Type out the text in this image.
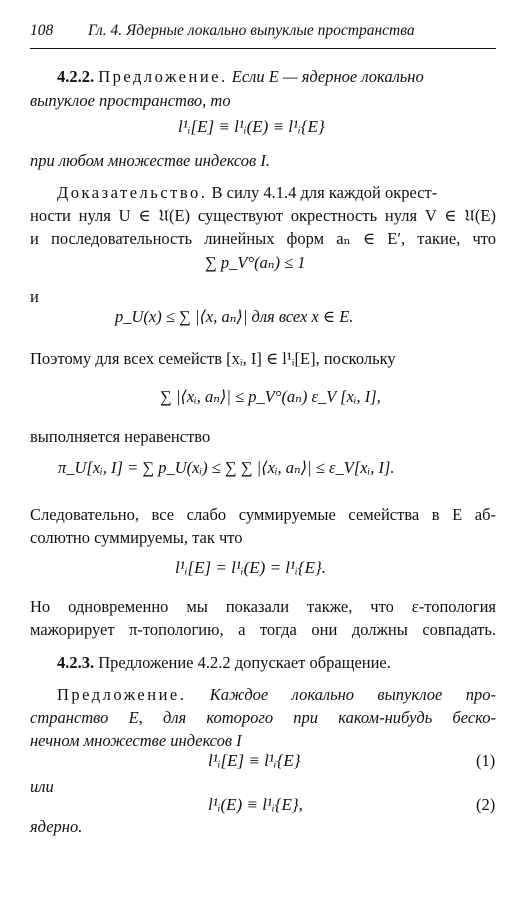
108 Гл. 4. Ядерные локально выпуклые пространства
4.2.2. Предложение. Если E — ядерное локально
выпуклое пространство, то
l¹ᵢ[E] ≡ l¹ᵢ(E) ≡ l¹ᵢ{E}
при любом множестве индексов I.
Доказательство. В силу 4.1.4 для каждой окрест-
ности нуля U ∈ 𝔘(E) существуют окрестность нуля V ∈ 𝔘(E)
и последовательность линейных форм aₙ ∈ E′, такие, что
∑ p_V°(aₙ) ≤ 1
и
p_U(x) ≤ ∑ |⟨x, aₙ⟩| для всех x ∈ E.
Поэтому для всех семейств [xᵢ, I] ∈ l¹ᵢ[E], поскольку
∑ |⟨xᵢ, aₙ⟩| ≤ p_V°(aₙ) ε_V [xᵢ, I],
выполняется неравенство
π_U[xᵢ, I] = ∑ p_U(xᵢ) ≤ ∑ ∑ |⟨xᵢ, aₙ⟩| ≤ ε_V[xᵢ, I].
Следовательно, все слабо суммируемые семейства в E аб-
солютно суммируемы, так что
l¹ᵢ[E] = l¹ᵢ(E) = l¹ᵢ{E}.
Но одновременно мы показали также, что ε-топология
мажорирует π-топологию, а тогда они должны совпадать.
4.2.3. Предложение 4.2.2 допускает обращение.
Предложение. Каждое локально выпуклое про-
странство E, для которого при каком-нибудь беско-
нечном множестве индексов I
l¹ᵢ[E] ≡ l¹ᵢ{E}	(1)
или
l¹ᵢ(E) ≡ l¹ᵢ{E},	(2)
ядерно.
